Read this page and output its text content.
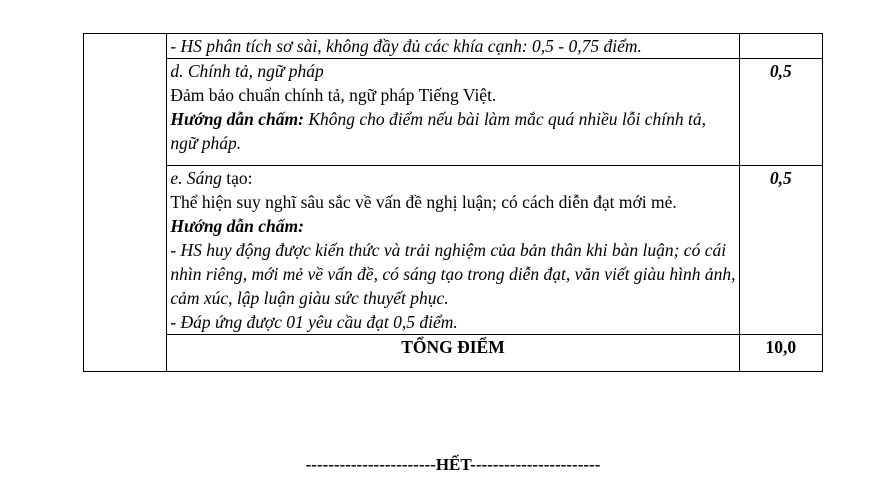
	- HS phân tích sơ sài, không đầy đủ các khía cạnh: 0,5 - 0,75 điểm.	

	d. Chính tả, ngữ pháp
Đảm bảo chuẩn chính tả, ngữ pháp Tiếng Việt.
Hướng dẫn chấm: Không cho điểm nếu bài làm mắc quá nhiều lỗi chính tả, ngữ pháp.	0,5

	e. Sáng tạo:
Thể hiện suy nghĩ sâu sắc về vấn đề nghị luận; có cách diễn đạt mới mẻ.
Hướng dẫn chấm:
- HS huy động được kiến thức và trải nghiệm của bản thân khi bàn luận; có cái nhìn riêng, mới mẻ về vấn đề, có sáng tạo trong diễn đạt, văn viết giàu hình ảnh, cảm xúc, lập luận giàu sức thuyết phục.
- Đáp ứng được 01 yêu cầu đạt 0,5 điểm.	0,5
	TỔNG ĐIỂM	10,0
-----------------------HẾT-----------------------
